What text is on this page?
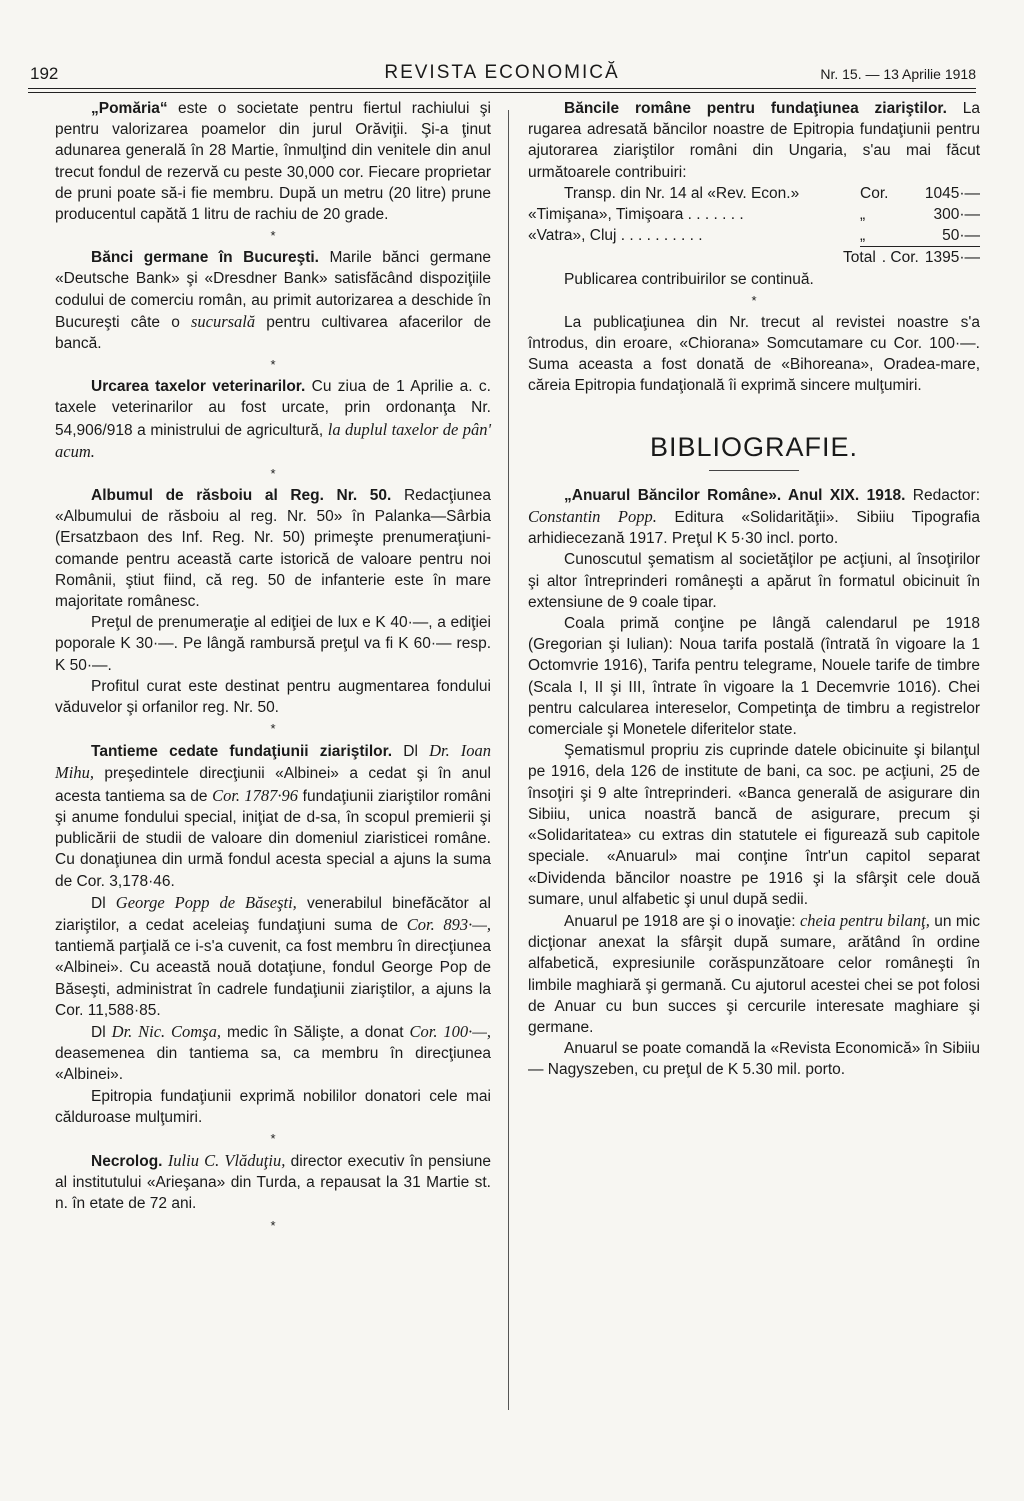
192	REVISTA ECONOMICĂ	Nr. 15. — 13 Aprilie 1918

„Pomăria“ este o societate pentru fiertul rachiului şi pentru valorizarea poamelor din jurul Orăviţii. Şi-a ţinut adunarea generală în 28 Martie, înmulţind din venitele din anul trecut fondul de rezervă cu peste 30,000 cor. Fiecare proprietar de pruni poate să-i fie membru. După un metru (20 litre) prune producentul capătă 1 litru de rachiu de 20 grade.

*

Bănci germane în Bucureşti. Marile bănci germane «Deutsche Bank» şi «Dresdner Bank» satisfăcând dispoziţiile codului de comerciu român, au primit autorizarea a deschide în Bucureşti câte o sucursală pentru cultivarea afacerilor de bancă.

*

Urcarea taxelor veterinarilor. Cu ziua de 1 Aprilie a. c. taxele veterinarilor au fost urcate, prin ordonanţa Nr. 54,906/918 a ministrului de agricultură, la duplul taxelor de pân' acum.

*

Albumul de răsboiu al Reg. Nr. 50. Redacţiunea «Albumului de răsboiu al reg. Nr. 50» în Palanka—Sârbia (Ersatzbaon des Inf. Reg. Nr. 50) primeşte prenumeraţiuni-comande pentru această carte istorică de valoare pentru noi Românii, ştiut fiind, că reg. 50 de infanterie este în mare majoritate românesc.

Preţul de prenumeraţie al ediţiei de lux e K 40·—, a ediţiei poporale K 30·—. Pe lângă rambursă preţul va fi K 60·— resp. K 50·—.

Profitul curat este destinat pentru augmentarea fondului văduvelor şi orfanilor reg. Nr. 50.

*

Tantieme cedate fundaţiunii ziariştilor. Dl Dr. Ioan Mihu, preşedintele direcţiunii «Albinei» a cedat şi în anul acesta tantiema sa de Cor. 1787·96 fundaţiunii ziariştilor români şi anume fondului special, iniţiat de d-sa, în scopul premierii şi publicării de studii de valoare din domeniul ziaristicei române. Cu donaţiunea din urmă fondul acesta special a ajuns la suma de Cor. 3,178·46.

Dl George Popp de Băseşti, venerabilul binefăcător al ziariştilor, a cedat aceleiaş fundaţiuni suma de Cor. 893·—, tantiemă parţială ce i-s'a cuvenit, ca fost membru în direcţiunea «Albinei». Cu această nouă dotaţiune, fondul George Pop de Băseşti, administrat în cadrele fundaţiunii ziariştilor, a ajuns la Cor. 11,588·85.

Dl Dr. Nic. Comşa, medic în Sălişte, a donat Cor. 100·—, deasemenea din tantiema sa, ca membru în direcţiunea «Albinei».

Epitropia fundaţiunii exprimă nobililor donatori cele mai călduroase mulţumiri.

*

Necrolog. Iuliu C. Vlăduţiu, director executiv în pensiune al institutului «Arieşana» din Turda, a repausat la 31 Martie st. n. în etate de 72 ani.

*

Băncile române pentru fundaţiunea ziariştilor. La rugarea adresată băncilor noastre de Epitropia fundaţiunii pentru ajutorarea ziariştilor români din Ungaria, s'au mai făcut următoarele contribuiri:

Transp. din Nr. 14 al «Rev. Econ.»	Cor. 1045·—
«Timişana», Timişoara . . . . . . .	„	300·—
«Vatra», Cluj . . . . . . . . . .	„	50·—
Total . Cor. 1395·—

Publicarea contribuirilor se continuă.

*

La publicaţiunea din Nr. trecut al revistei noastre s'a întrodus, din eroare, «Chiorana» Somcutamare cu Cor. 100·—. Suma aceasta a fost donată de «Bihoreana», Oradea-mare, căreia Epitropia fundaţională îi exprimă sincere mulţumiri.

BIBLIOGRAFIE.

„Anuarul Băncilor Române». Anul XIX. 1918. Redactor: Constantin Popp. Editura «Solidarităţii». Sibiiu Tipografia arhidiecezană 1917. Preţul K 5·30 incl. porto.

Cunoscutul şematism al societăţilor pe acţiuni, al însoţirilor şi altor întreprinderi româneşti a apărut în formatul obicinuit în extensiune de 9 coale tipar.

Coala primă conţine pe lângă calendarul pe 1918 (Gregorian şi Iulian): Noua tarifa postală (întrată în vigoare la 1 Octomvrie 1916), Tarifa pentru telegrame, Nouele tarife de timbre (Scala I, II şi III, întrate în vigoare la 1 Decemvrie 1016). Chei pentru calcularea intereselor, Competinţa de timbru a registrelor comerciale şi Monetele diferitelor state.

Şematismul propriu zis cuprinde datele obicinuite şi bilanţul pe 1916, dela 126 de institute de bani, ca soc. pe acţiuni, 25 de însoţiri şi 9 alte întreprinderi. «Banca generală de asigurare din Sibiiu, unica noastră bancă de asigurare, precum şi «Solidaritatea» cu extras din statutele ei figurează sub capitole speciale. «Anuarul» mai conţine într'un capitol separat «Dividenda băncilor noastre pe 1916 şi la sfârşit cele două sumare, unul alfabetic şi unul după sedii.

Anuarul pe 1918 are şi o inovaţie: cheia pentru bilanţ, un mic dicţionar anexat la sfârşit după sumare, arătând în ordine alfabetică, expresiunile corăspunzătoare celor româneşti în limbile maghiară şi germană. Cu ajutorul acestei chei se pot folosi de Anuar cu bun succes şi cercurile interesate maghiare şi germane.

Anuarul se poate comandă la «Revista Economică» în Sibiiu — Nagyszeben, cu preţul de K 5.30 mil. porto.
